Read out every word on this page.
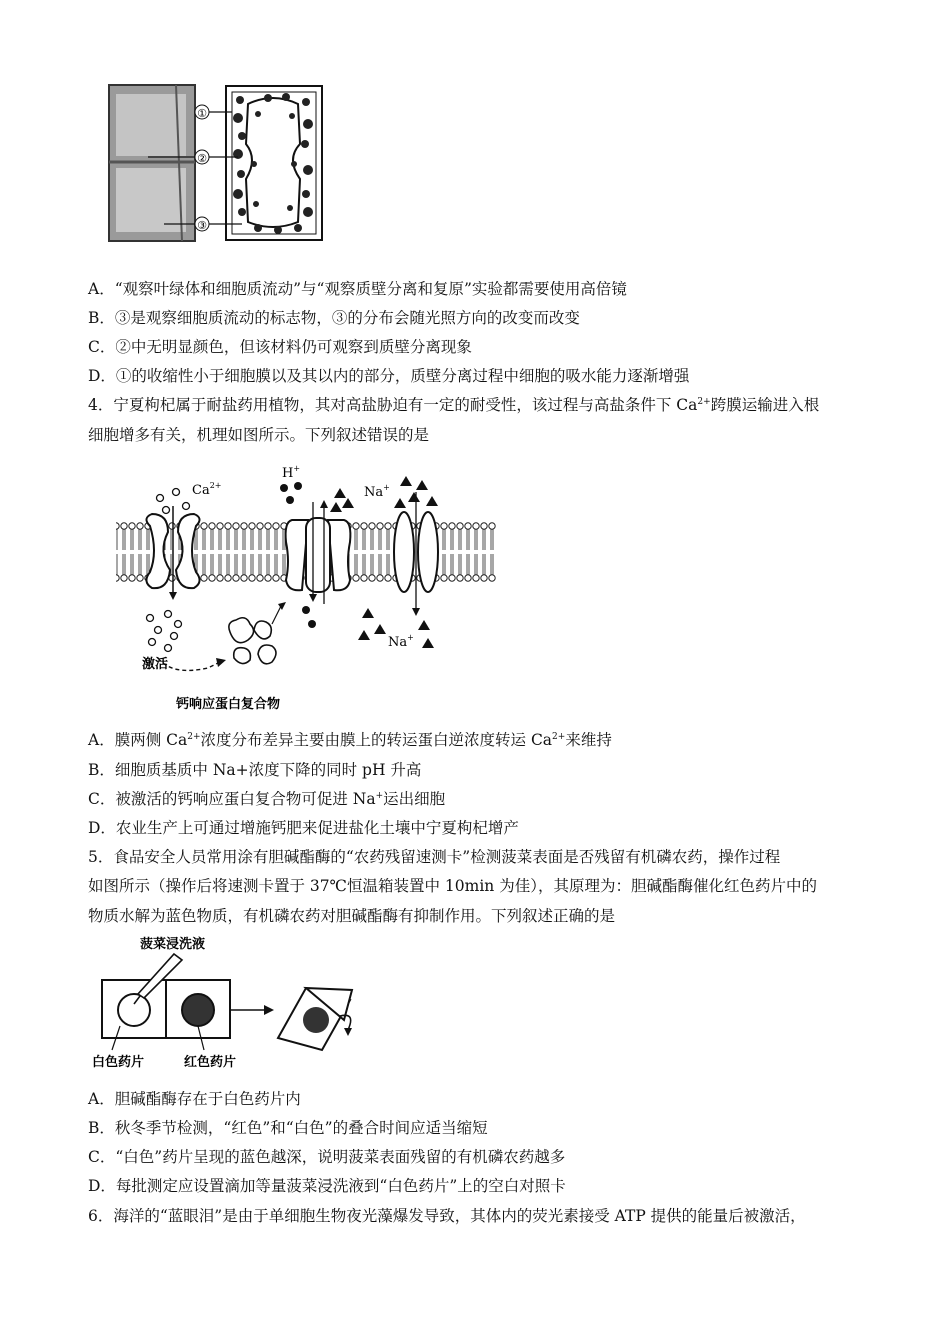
①
②
③
A．“观察叶绿体和细胞质流动”与“观察质壁分离和复原”实验都需要使用高倍镜
B．③是观察细胞质流动的标志物，③的分布会随光照方向的改变而改变
C．②中无明显颜色，但该材料仍可观察到质壁分离现象
D．①的收缩性小于细胞膜以及其以内的部分，质壁分离过程中细胞的吸水能力逐渐增强
4．宁夏枸杞属于耐盐药用植物，其对高盐胁迫有一定的耐受性，该过程与高盐条件下 $Ca^{2+}$跨膜运输进入根
细胞增多有关，机理如图所示。下列叙述错误的是
$Ca^{2+}$
H+
Na+
Na+
激活
钙响应蛋白复合物
A．膜两侧 $Ca^{2+}$浓度分布差异主要由膜上的转运蛋白逆浓度转运 $Ca^{2+}$来维持
B．细胞质基质中 Na+浓度下降的同时 pH 升高
C．被激活的钙响应蛋白复合物可促进 Na+运出细胞
D．农业生产上可通过增施钙肥来促进盐化土壤中宁夏枸杞增产
5．食品安全人员常用涂有胆碱酯酶的“农药残留速测卡”检测菠菜表面是否残留有机磷农药，操作过程
如图所示（操作后将速测卡置于 37℃恒温箱装置中 10min 为佳），其原理为：胆碱酯酶催化红色药片中的
物质水解为蓝色物质，有机磷农药对胆碱酯酶有抑制作用。下列叙述正确的是
菠菜浸洗液
白色药片	红色药片
A．胆碱酯酶存在于白色药片内
B．秋冬季节检测，“红色”和“白色”的叠合时间应适当缩短
C．“白色”药片呈现的蓝色越深，说明菠菜表面残留的有机磷农药越多
D．每批测定应设置滴加等量菠菜浸洗液到“白色药片”上的空白对照卡
6．海洋的“蓝眼泪”是由于单细胞生物夜光藻爆发导致，其体内的荧光素接受 ATP 提供的能量后被激活，
